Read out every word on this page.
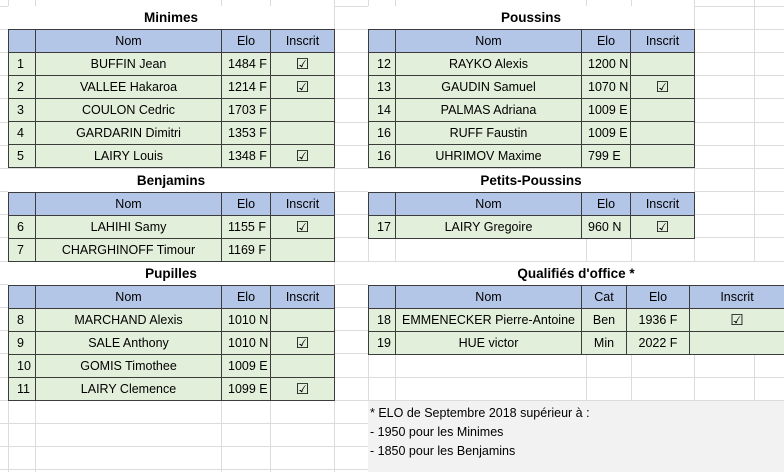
Minimes	Poussins
Benjamins	Petits-Poussins
Pupilles	Qualifiés d'office *
	Nom	Elo	Inscrit
1	BUFFIN Jean	1484 F	☑
2	VALLEE Hakaroa	1214 F	☑
3	COULON Cedric	1703 F	
4	GARDARIN Dimitri	1353 F	
5	LAIRY Louis	1348 F	☑
	Nom	Elo	Inscrit
12	RAYKO Alexis	1200 N	
13	GAUDIN Samuel	1070 N	☑
14	PALMAS Adriana	1009 E	
16	RUFF Faustin	1009 E	
16	UHRIMOV Maxime	799 E	
	Nom	Elo	Inscrit
6	LAHIHI Samy	1155 F	☑
7	CHARGHINOFF Timour	1169 F	
	Nom	Elo	Inscrit
17	LAIRY Gregoire	960 N	☑
	Nom	Elo	Inscrit
8	MARCHAND Alexis	1010 N	
9	SALE Anthony	1010 N	☑
10	GOMIS Timothee	1009 E	
11	LAIRY Clemence	1099 E	☑
	Nom	Cat	Elo	Inscrit
18	EMMENECKER Pierre-Antoine	Ben	1936 F	☑
19	HUE victor	Min	2022 F	
* ELO de Septembre 2018 supérieur à :
- 1950 pour les Minimes
- 1850 pour les Benjamins
